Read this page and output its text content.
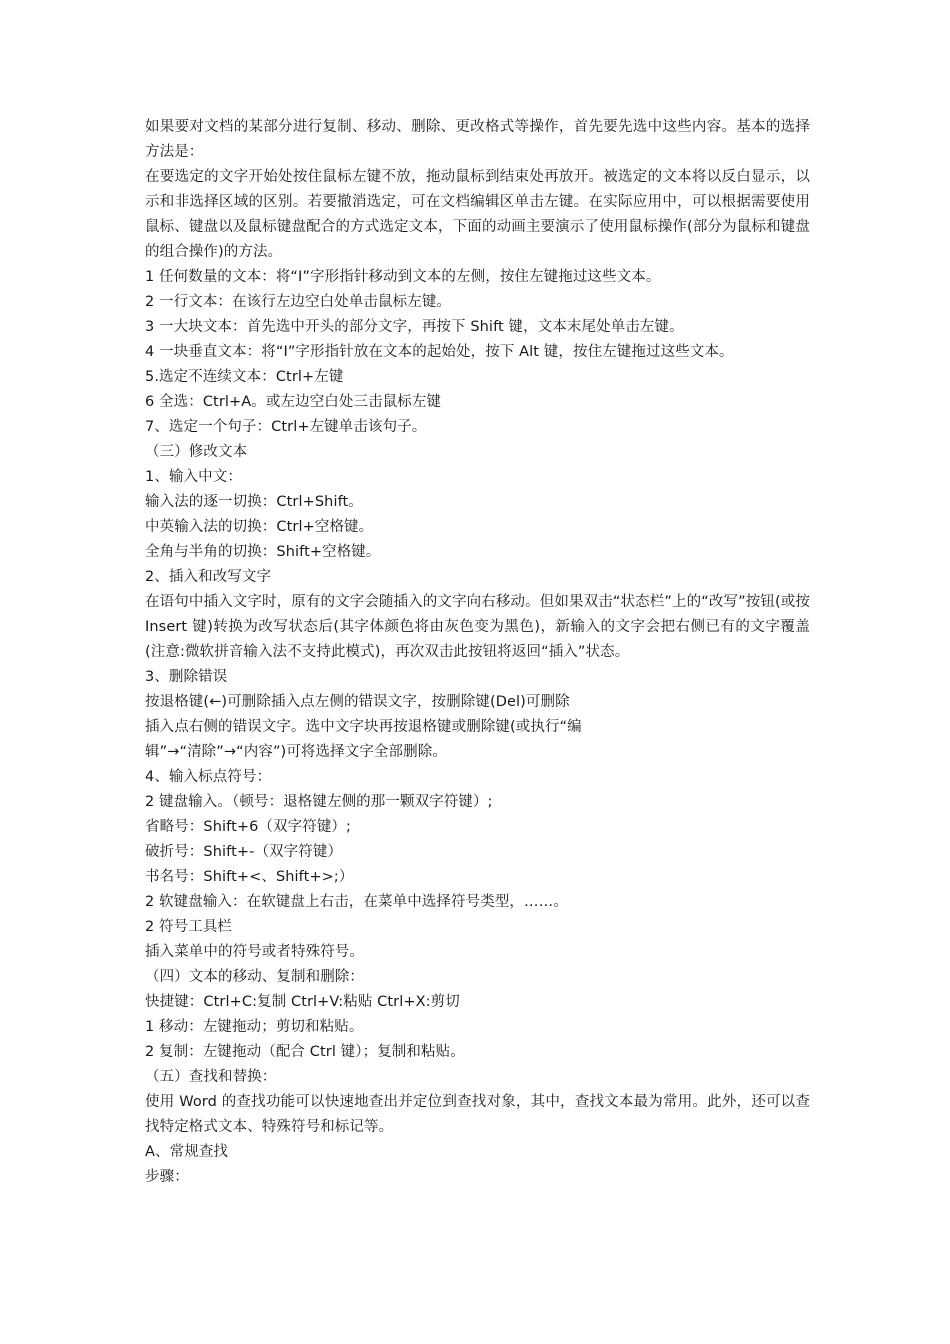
如果要对文档的某部分进行复制、移动、删除、更改格式等操作，首先要先选中这些内容。基本的选择方法是：
在要选定的文字开始处按住鼠标左键不放，拖动鼠标到结束处再放开。被选定的文本将以反白显示，以示和非选择区域的区别。若要撤消选定，可在文档编辑区单击左键。在实际应用中，可以根据需要使用鼠标、键盘以及鼠标键盘配合的方式选定文本，下面的动画主要演示了使用鼠标操作(部分为鼠标和键盘的组合操作)的方法。
1 任何数量的文本：将“I”字形指针移动到文本的左侧，按住左键拖过这些文本。
2 一行文本：在该行左边空白处单击鼠标左键。
3 一大块文本：首先选中开头的部分文字，再按下 Shift 键，文本末尾处单击左键。
4 一块垂直文本：将“I”字形指针放在文本的起始处，按下 Alt 键，按住左键拖过这些文本。
5.选定不连续文本：Ctrl+左键
6 全选：Ctrl+A。或左边空白处三击鼠标左键
7、选定一个句子：Ctrl+左键单击该句子。
（三）修改文本
1、输入中文：
输入法的逐一切换：Ctrl+Shift。
中英输入法的切换：Ctrl+空格键。
全角与半角的切换：Shift+空格键。
2、插入和改写文字
在语句中插入文字时，原有的文字会随插入的文字向右移动。但如果双击“状态栏”上的“改写”按钮(或按 Insert 键)转换为改写状态后(其字体颜色将由灰色变为黑色)，新输入的文字会把右侧已有的文字覆盖(注意:微软拼音输入法不支持此模式)，再次双击此按钮将返回“插入”状态。
3、删除错误
按退格键(←)可删除插入点左侧的错误文字，按删除键(Del)可删除
插入点右侧的错误文字。选中文字块再按退格键或删除键(或执行“编
辑”→“清除”→“内容”)可将选择文字全部删除。
4、输入标点符号：
2 键盘输入。（顿号：退格键左侧的那一颗双字符键）;
省略号：Shift+6（双字符键）;
破折号：Shift+-（双字符键）
书名号：Shift+<、Shift+>;）
2 软键盘输入：在软键盘上右击，在菜单中选择符号类型，……。
2 符号工具栏
插入菜单中的符号或者特殊符号。
（四）文本的移动、复制和删除：
快捷键：Ctrl+C:复制 Ctrl+V:粘贴 Ctrl+X:剪切
1 移动：左键拖动；剪切和粘贴。
2 复制：左键拖动（配合 Ctrl 键）；复制和粘贴。
（五）查找和替换：
使用 Word 的查找功能可以快速地查出并定位到查找对象，其中，查找文本最为常用。此外，还可以查找特定格式文本、特殊符号和标记等。
A、常规查找
步骤：
